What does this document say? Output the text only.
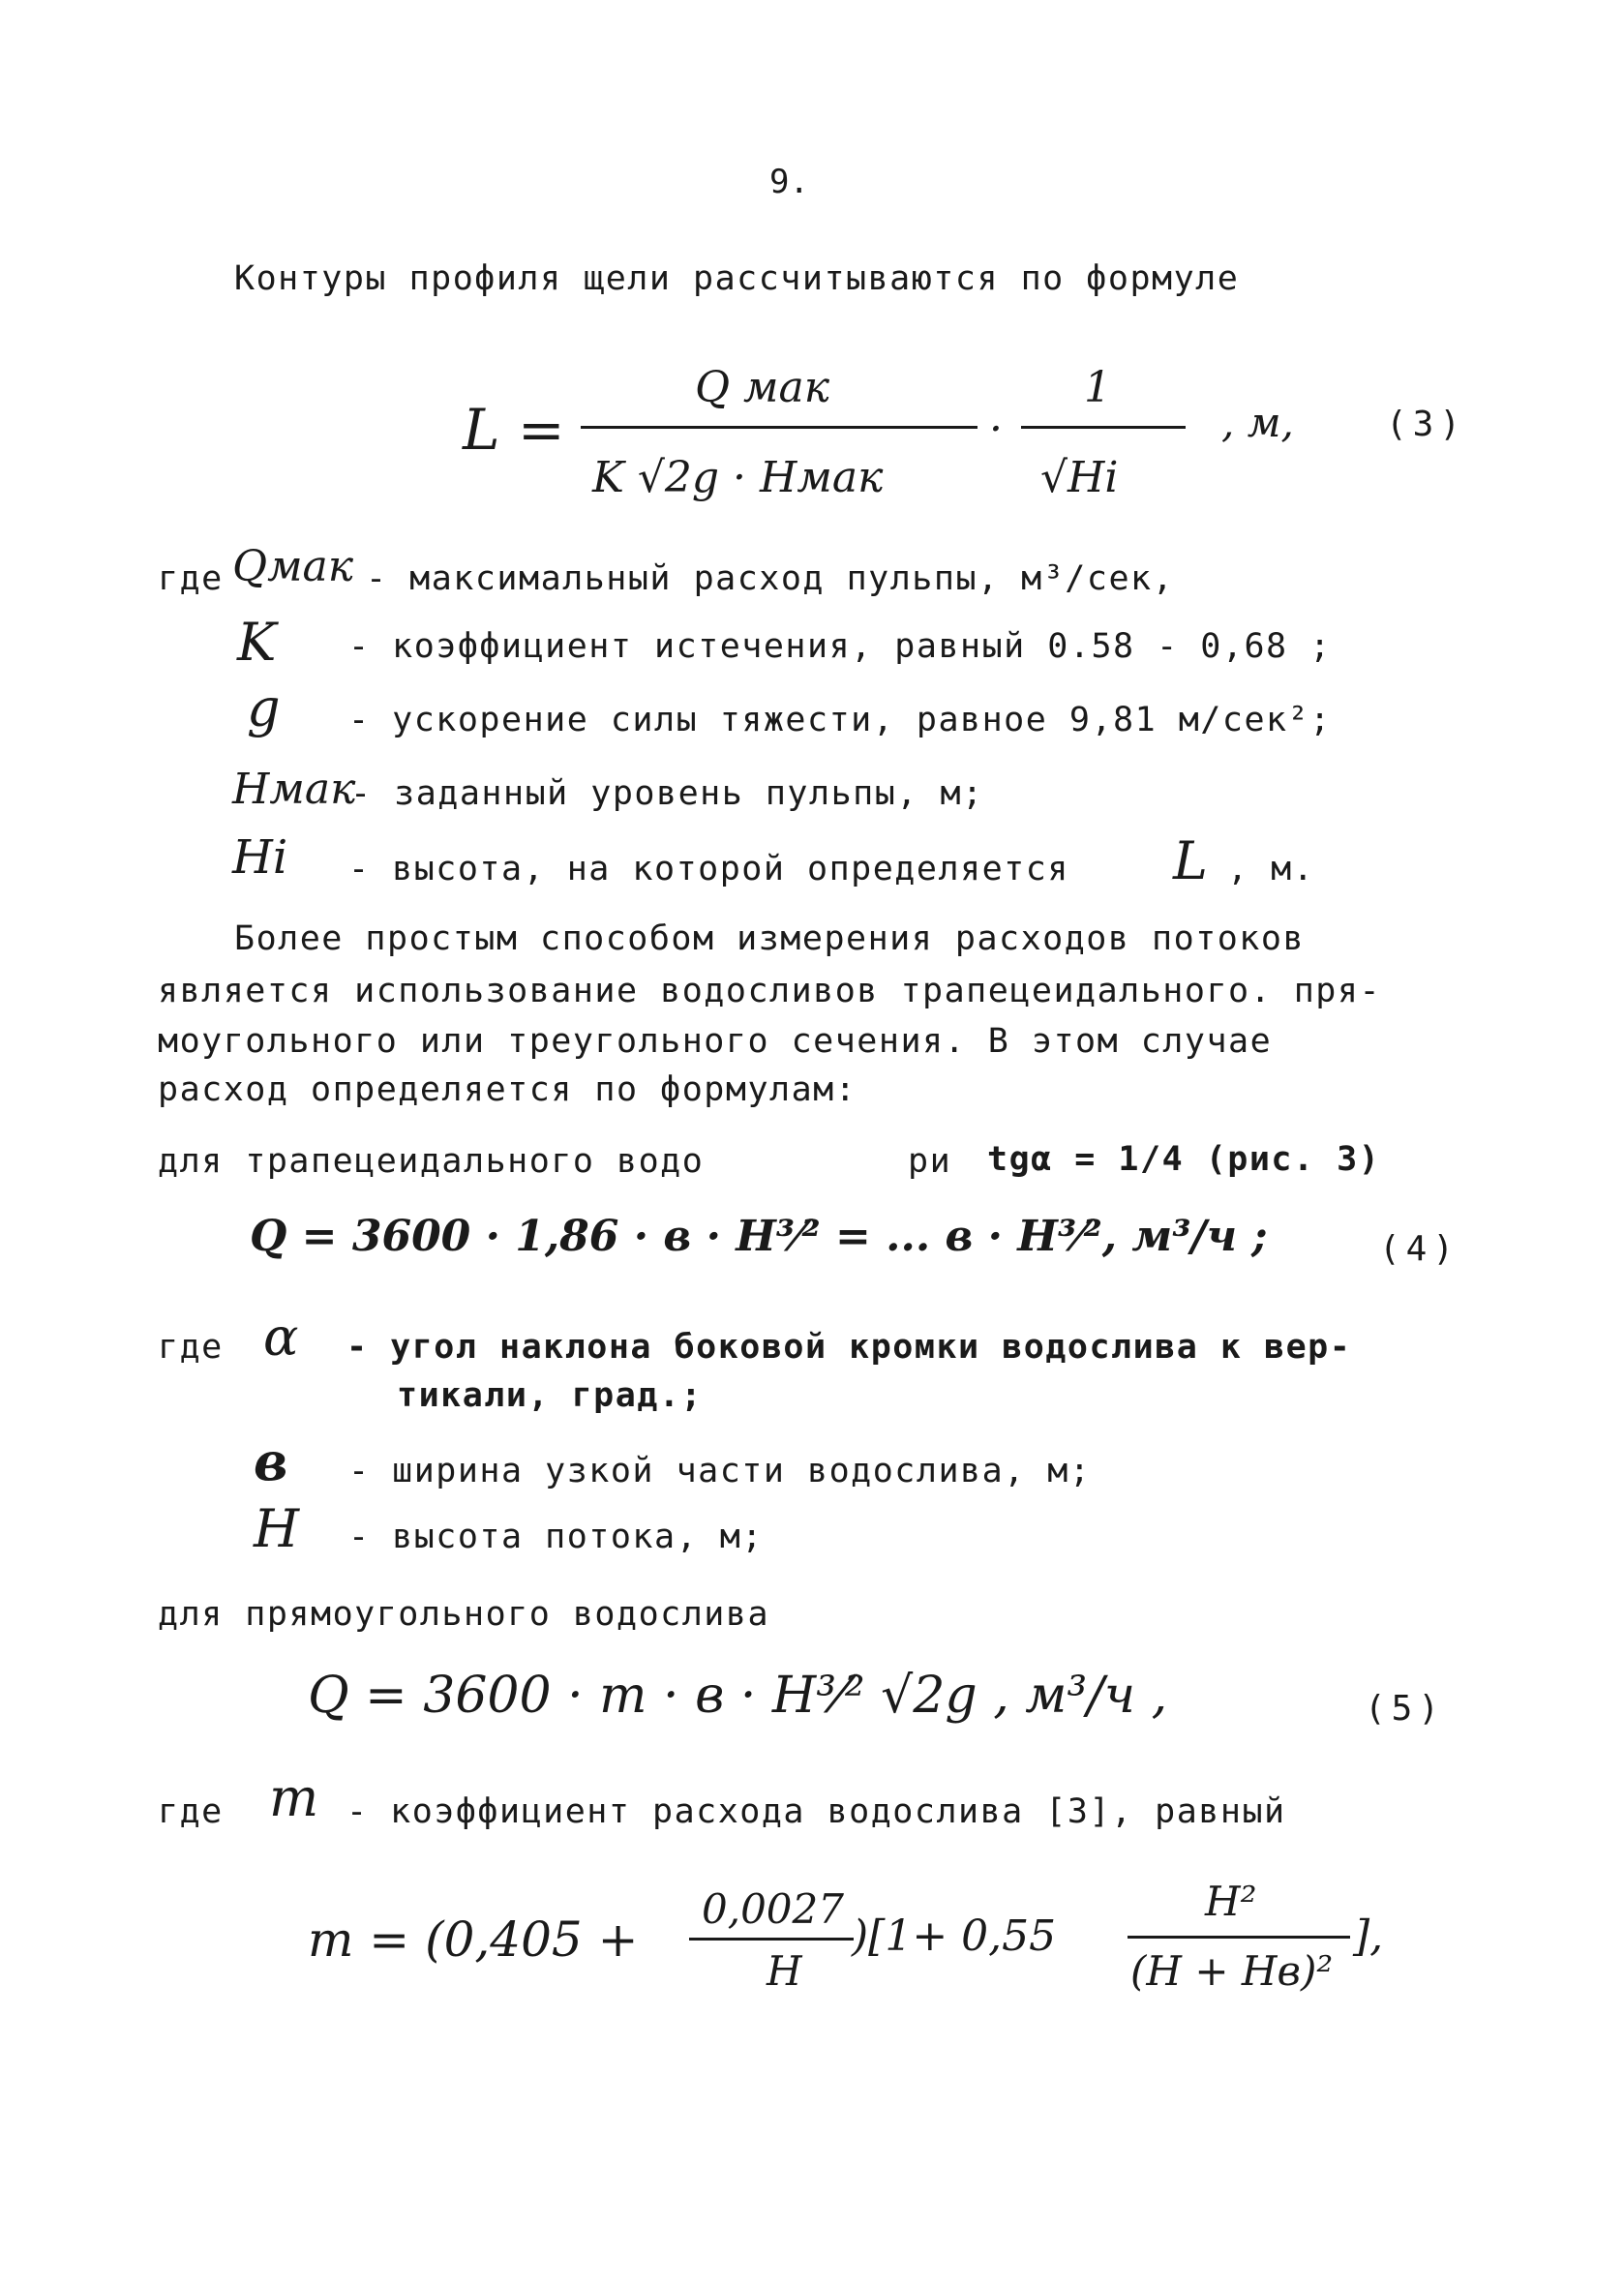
9.
Контуры профиля щели рассчитываются по формуле
L =
Q мак
K √2g · Hмак
·
1
√Hi
, м,	(3)
где Qмак - максимальный расход пульпы, м³/сек,
K - коэффициент истечения, равный 0.58 - 0,68 ;
g - ускорение силы тяжести, равное 9,81 м/сек²;
Hмак
- заданный уровень пульпы, м;
Hi - высота, на которой определяется L , м.
Более простым способом измерения расходов потоков
является использование водосливов трапецеидального. пря-
моугольного или треугольного сечения. В этом случае
расход определяется по формулам:
для трапецеидального водо	ри tgα = 1/4 (рис. 3)
Q = 3600 · 1,86 · в · H³⁄² = ... в · H³⁄², м³/ч ;	(4)
где α - угол наклона боковой кромки водослива к вер-
тикали, град.;
в - ширина узкой части водослива, м;
H - высота потока, м;
для прямоугольного водослива
Q = 3600 · m · в · H³⁄² √2g , м³/ч ,	(5)
где m - коэффициент расхода водослива [3], равный
m = (0,405 +
0,0027
H
)[1+ 0,55
H²
(H + Hв)²
],
